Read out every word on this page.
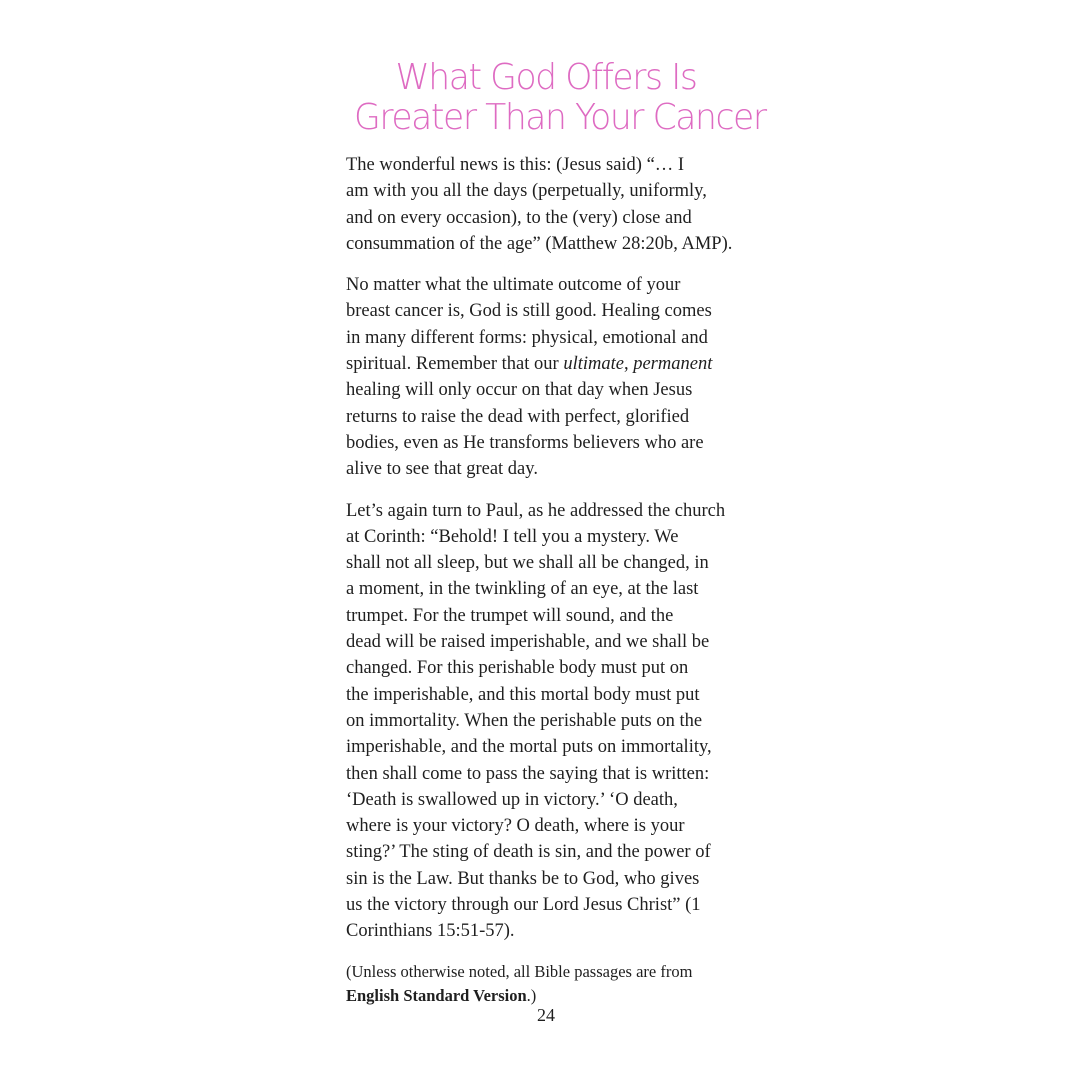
What God Offers Is
Greater Than Your Cancer

The wonderful news is this: (Jesus said) “… I
am with you all the days (perpetually, uniformly,
and on every occasion), to the (very) close and
consummation of the age” (Matthew 28:20b, AMP).

No matter what the ultimate outcome of your
breast cancer is, God is still good. Healing comes
in many different forms: physical, emotional and
spiritual. Remember that our ultimate, permanent
healing will only occur on that day when Jesus
returns to raise the dead with perfect, glorified
bodies, even as He transforms believers who are
alive to see that great day.

Let’s again turn to Paul, as he addressed the church
at Corinth: “Behold! I tell you a mystery. We
shall not all sleep, but we shall all be changed, in
a moment, in the twinkling of an eye, at the last
trumpet. For the trumpet will sound, and the
dead will be raised imperishable, and we shall be
changed. For this perishable body must put on
the imperishable, and this mortal body must put
on immortality. When the perishable puts on the
imperishable, and the mortal puts on immortality,
then shall come to pass the saying that is written:
‘Death is swallowed up in victory.’ ‘O death,
where is your victory? O death, where is your
sting?’ The sting of death is sin, and the power of
sin is the Law. But thanks be to God, who gives
us the victory through our Lord Jesus Christ” (1
Corinthians 15:51-57).

(Unless otherwise noted, all Bible passages are from
English Standard Version.)
24
